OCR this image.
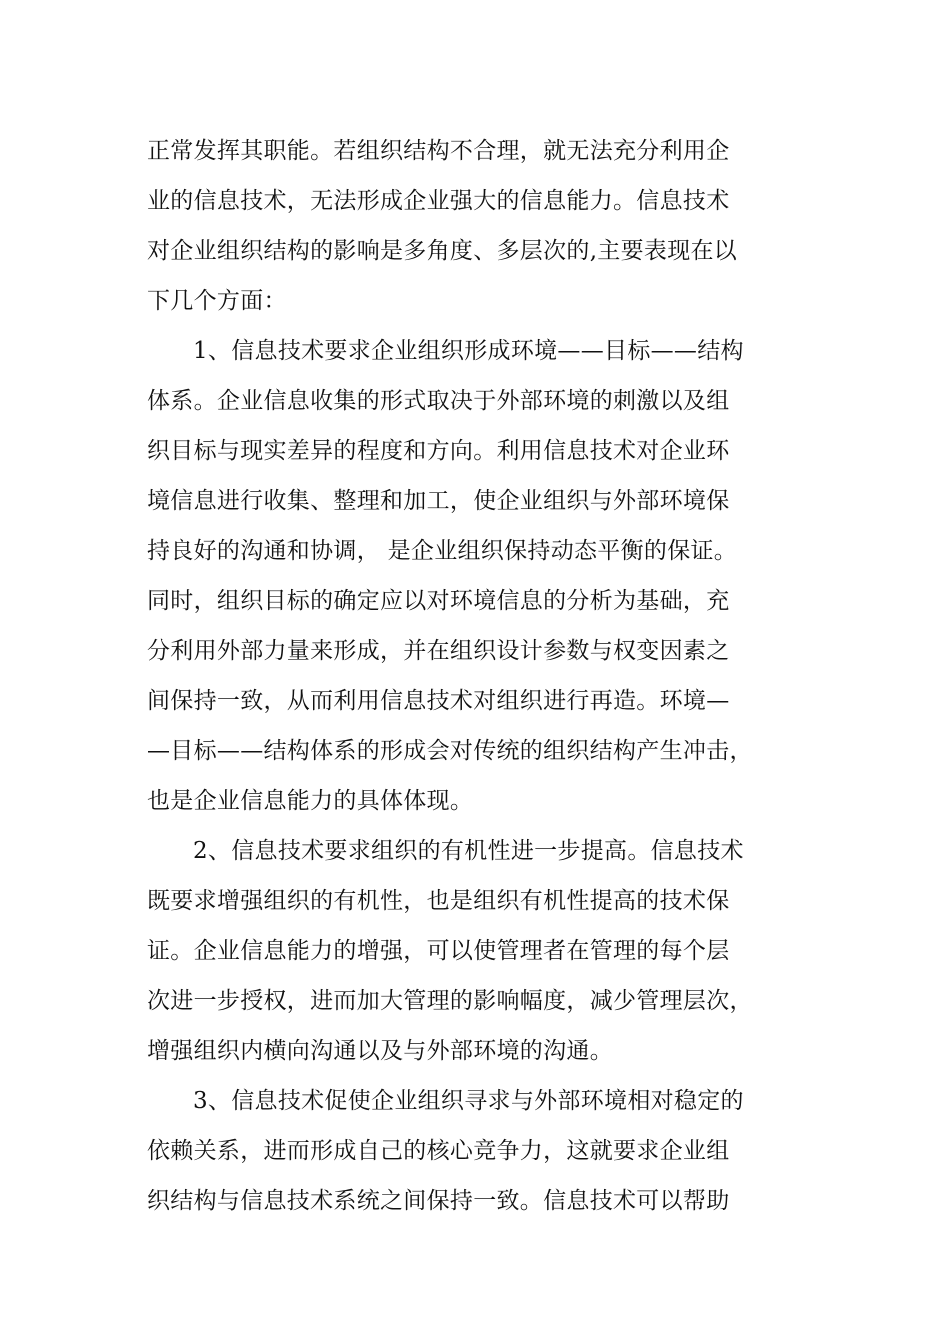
正常发挥其职能。若组织结构不合理，就无法充分利用企
业的信息技术，无法形成企业强大的信息能力。信息技术
对企业组织结构的影响是多角度、多层次的,主要表现在以
下几个方面：
1、信息技术要求企业组织形成环境——目标——结构
体系。企业信息收集的形式取决于外部环境的刺激以及组
织目标与现实差异的程度和方向。利用信息技术对企业环
境信息进行收集、整理和加工，使企业组织与外部环境保
持良好的沟通和协调， 是企业组织保持动态平衡的保证。
同时，组织目标的确定应以对环境信息的分析为基础，充
分利用外部力量来形成，并在组织设计参数与权变因素之
间保持一致，从而利用信息技术对组织进行再造。环境—
—目标——结构体系的形成会对传统的组织结构产生冲击，
也是企业信息能力的具体体现。
2、信息技术要求组织的有机性进一步提高。信息技术
既要求增强组织的有机性，也是组织有机性提高的技术保
证。企业信息能力的增强，可以使管理者在管理的每个层
次进一步授权，进而加大管理的影响幅度，减少管理层次，
增强组织内横向沟通以及与外部环境的沟通。
3、信息技术促使企业组织寻求与外部环境相对稳定的
依赖关系，进而形成自己的核心竞争力，这就要求企业组
织结构与信息技术系统之间保持一致。信息技术可以帮助
